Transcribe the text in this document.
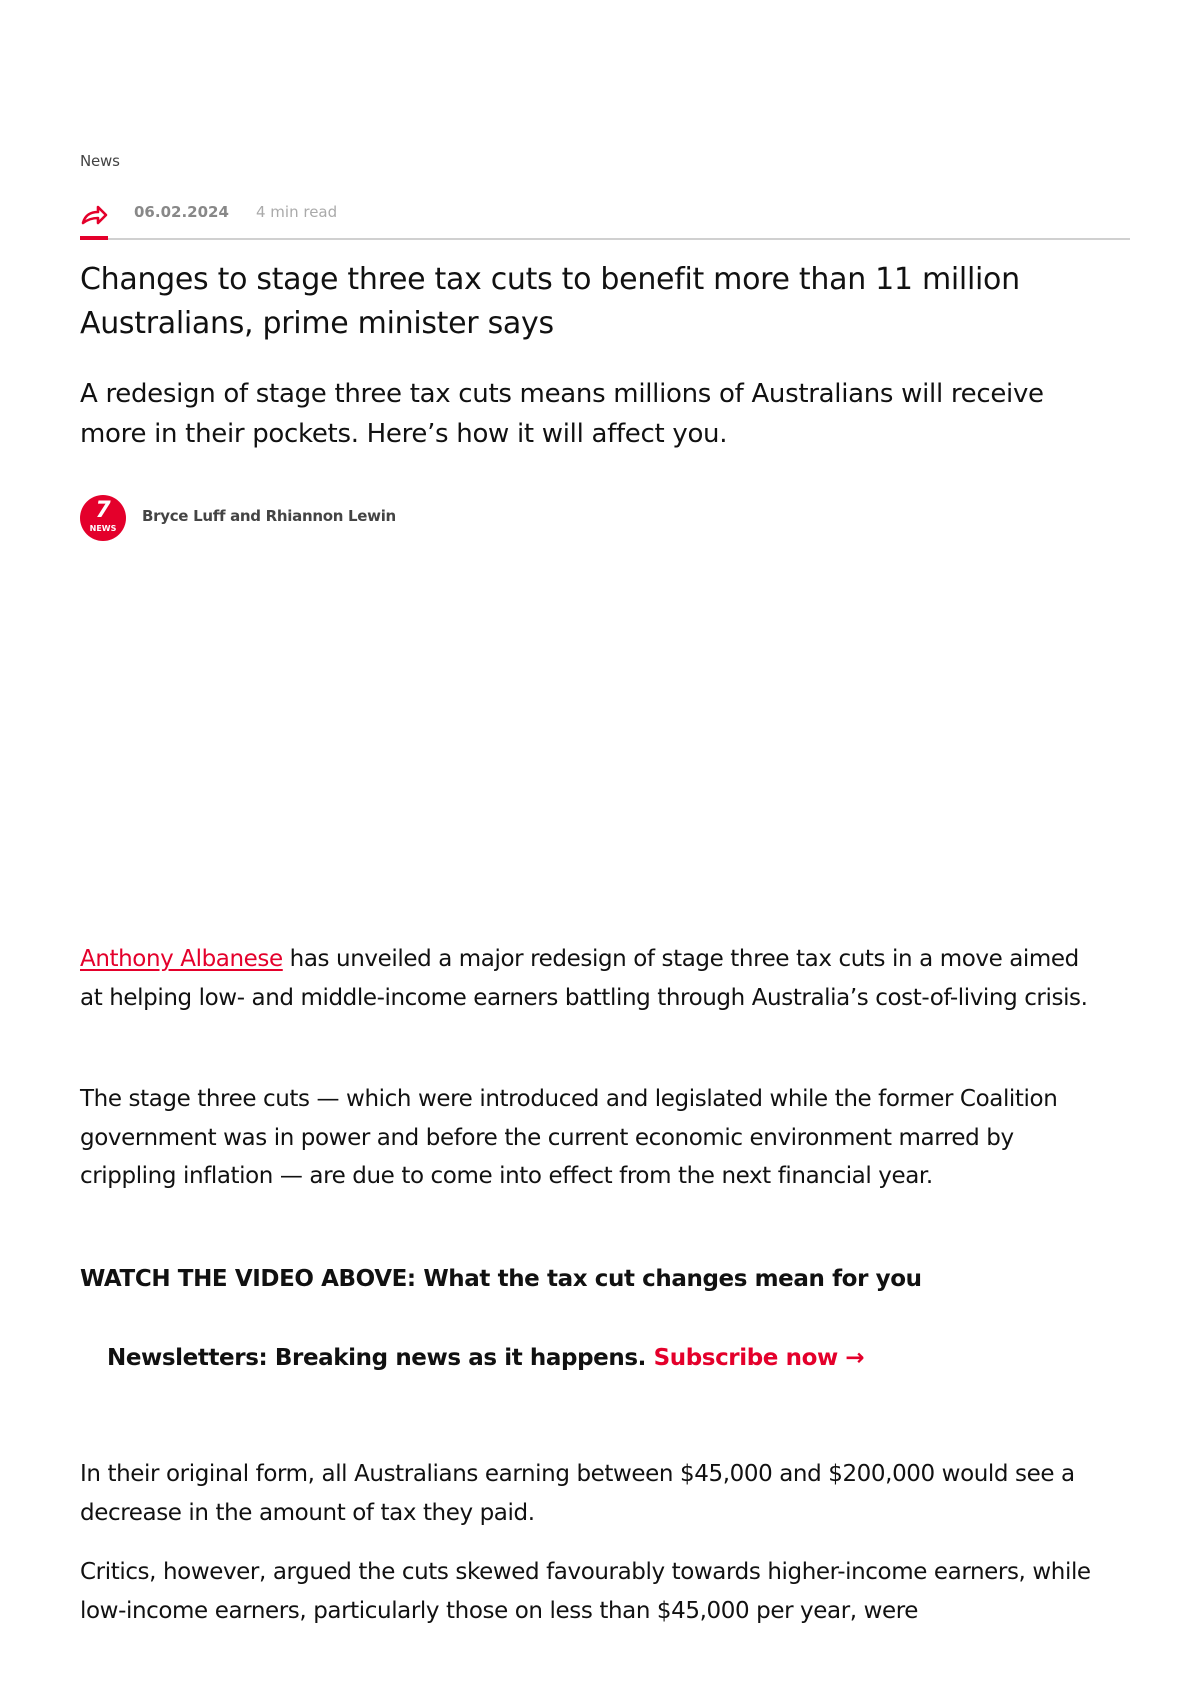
News
06.02.2024 4 min read
Changes to stage three tax cuts to benefit more than 11 million Australians, prime minister says

A redesign of stage three tax cuts means millions of Australians will receive more in their pockets. Here’s how it will affect you.

7
NEWS
Bryce Luff and Rhiannon Lewin

Anthony Albanese has unveiled a major redesign of stage three tax cuts in a move aimed at helping low- and middle-income earners battling through Australia’s cost-of-living crisis.

The stage three cuts — which were introduced and legislated while the former Coalition government was in power and before the current economic environment marred by crippling inflation — are due to come into effect from the next financial year.

WATCH THE VIDEO ABOVE: What the tax cut changes mean for you

Newsletters: Breaking news as it happens. Subscribe now →

In their original form, all Australians earning between $45,000 and $200,000 would see a decrease in the amount of tax they paid.

Critics, however, argued the cuts skewed favourably towards higher-income earners, while low-income earners, particularly those on less than $45,000 per year, were
